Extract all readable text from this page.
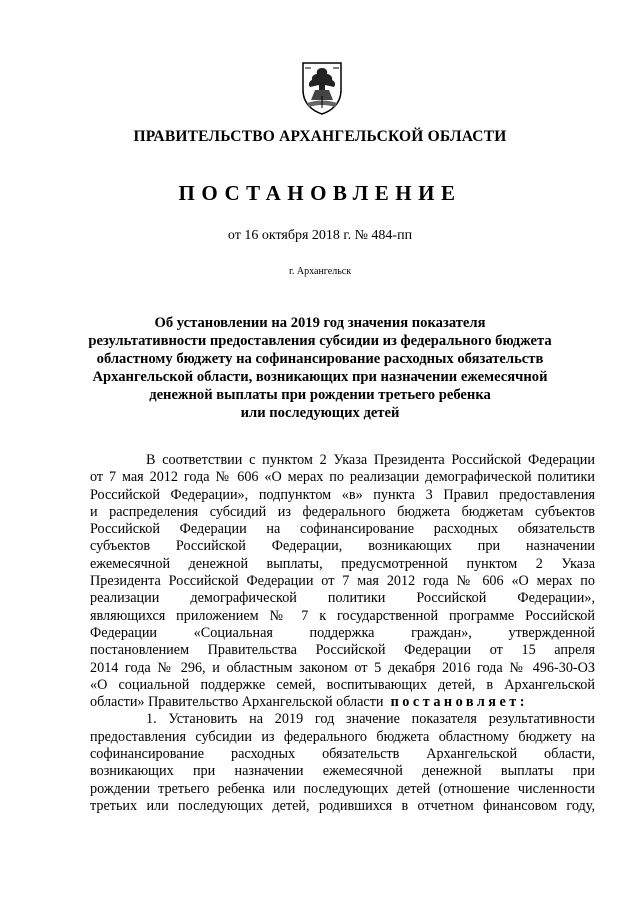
ПРАВИТЕЛЬСТВО АРХАНГЕЛЬСКОЙ ОБЛАСТИ
ПОСТАНОВЛЕНИЕ
от 16 октября 2018 г. № 484-пп
г. Архангельск
Об установлении на 2019 год значения показателя
результативности предоставления субсидии из федерального бюджета
областному бюджету на софинансирование расходных обязательств
Архангельской области, возникающих при назначении ежемесячной
денежной выплаты при рождении третьего ребенка
или последующих детей
В соответствии с пунктом 2 Указа Президента Российской Федерации
от 7 мая 2012 года № 606 «О мерах по реализации демографической политики
Российской Федерации», подпунктом «в» пункта 3 Правил предоставления
и распределения субсидий из федерального бюджета бюджетам субъектов
Российской Федерации на софинансирование расходных обязательств
субъектов Российской Федерации, возникающих при назначении
ежемесячной денежной выплаты, предусмотренной пунктом 2 Указа
Президента Российской Федерации от 7 мая 2012 года № 606 «О мерах по
реализации демографической политики Российской Федерации»,
являющихся приложением № 7 к государственной программе Российской
Федерации «Социальная поддержка граждан», утвержденной
постановлением Правительства Российской Федерации от 15 апреля
2014 года № 296, и областным законом от 5 декабря 2016 года № 496-30-ОЗ
«О социальной поддержке семей, воспитывающих детей, в Архангельской
области» Правительство Архангельской области постановляет:
1. Установить на 2019 год значение показателя результативности
предоставления субсидии из федерального бюджета областному бюджету на
софинансирование расходных обязательств Архангельской области,
возникающих при назначении ежемесячной денежной выплаты при
рождении третьего ребенка или последующих детей (отношение численности
третьих или последующих детей, родившихся в отчетном финансовом году,
